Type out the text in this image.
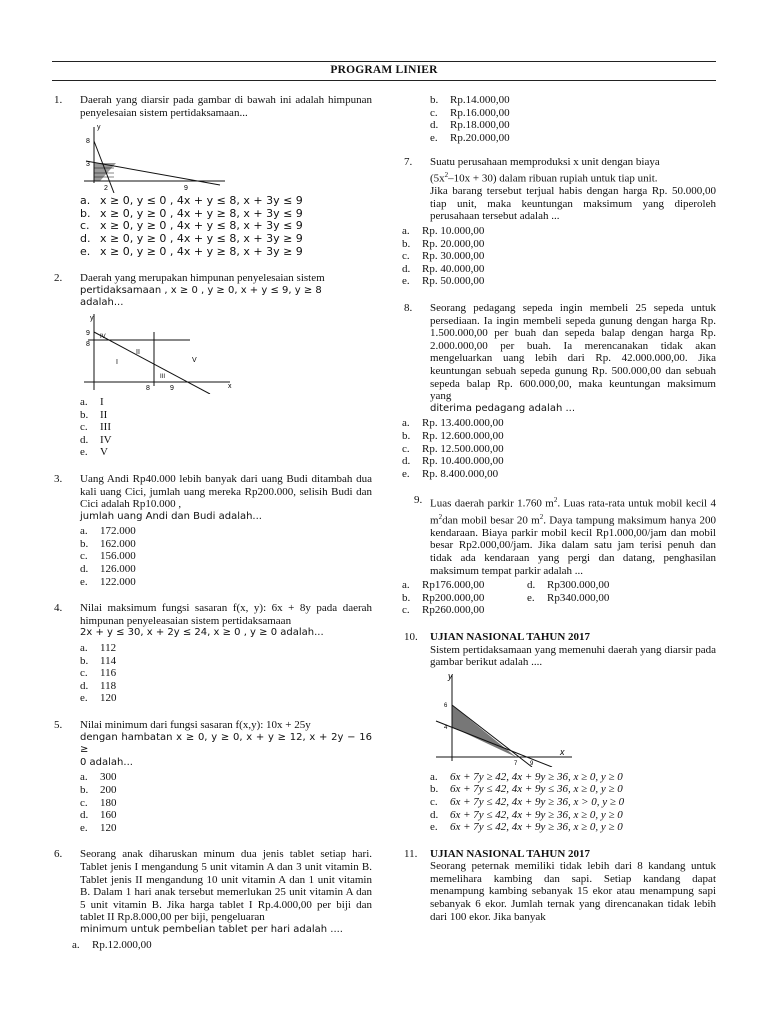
PROGRAM LINIER
1. Daerah yang diarsir pada gambar di bawah ini adalah himpunan penyelesaian sistem pertidaksamaan...

y
8
3
2	9
a. x ≥ 0, y ≤ 0 , 4x + y ≤ 8, x + 3y ≤ 9
b. x ≥ 0, y ≥ 0 , 4x + y ≥ 8, x + 3y ≤ 9
c. x ≥ 0, y ≥ 0 , 4x + y ≤ 8, x + 3y ≤ 9
d. x ≥ 0, y ≥ 0 , 4x + y ≤ 8, x + 3y ≥ 9
e. x ≥ 0, y ≥ 0 , 4x + y ≥ 8, x + 3y ≥ 9
2. Daerah yang merupakan himpunan penyelesaian sistem

pertidaksamaan , x ≥ 0 , y ≥ 0, x + y ≤ 9, y ≥ 8

adalah...

y
9
8
IV
I
II
III
V
8	9	x
a.	I
b.	II
c.	III
d.	IV
e.	V
3. Uang Andi Rp40.000 lebih banyak dari uang Budi ditambah dua kali uang Cici, jumlah uang mereka Rp200.000, selisih Budi dan Cici adalah Rp10.000 ,

jumlah uang Andi dan Budi adalah...

a.	172.000
b.	162.000
c.	156.000
d.	126.000
e.	122.000
4. Nilai maksimum fungsi sasaran f(x, y): 6x + 8y pada daerah himpunan penyeleasaian sistem pertidaksamaan

2x + y ≤ 30, x + 2y ≤ 24, x ≥ 0 , y ≥ 0 adalah...

a.	112
b.	114
c.	116
d.	118
e.	120
5. Nilai minimum dari fungsi sasaran f(x,y): 10x + 25y

dengan hambatan x ≥ 0, y ≥ 0, x + y ≥ 12, x + 2y − 16 ≥

0 adalah...

a.	300
b.	200
c.	180
d.	160
e.	120
6. Seorang anak diharuskan minum dua jenis tablet setiap hari. Tablet jenis I mengandung 5 unit vitamin A dan 3 unit vitamin B. Tablet jenis II mengandung 10 unit vitamin A dan 1 unit vitamin B. Dalam 1 hari anak tersebut memerlukan 25 unit vitamin A dan 5 unit vitamin B. Jika harga tablet I Rp.4.000,00 per biji dan tablet II Rp.8.000,00 per biji, pengeluaran

minimum untuk pembelian tablet per hari adalah ....

a.	Rp.12.000,00
b.	Rp.14.000,00
c.	Rp.16.000,00
d.	Rp.18.000,00
e.	Rp.20.000,00
7. Suatu perusahaan memproduksi x unit dengan biaya

$(5x^2-10x + 30)$ dalam ribuan rupiah untuk tiap unit.

Jika barang tersebut terjual habis dengan harga Rp. 50.000,00 tiap unit, maka keuntungan maksimum yang diperoleh perusahaan tersebut adalah ...

a.	Rp. 10.000,00
b.	Rp. 20.000,00
c.	Rp. 30.000,00
d.	Rp. 40.000,00
e.	Rp. 50.000,00
8. Seorang pedagang sepeda ingin membeli 25 sepeda untuk persediaan. Ia ingin membeli sepeda gunung dengan harga Rp. 1.500.000,00 per buah dan sepeda balap dengan harga Rp. 2.000.000,00 per buah. Ia merencanakan tidak akan mengeluarkan uang lebih dari Rp. 42.000.000,00. Jika keuntungan sebuah sepeda gunung Rp. 500.000,00 dan sebuah sepeda balap Rp. 600.000,00, maka keuntungan maksimum yang

diterima pedagang adalah ...

a.	Rp. 13.400.000,00
b.	Rp. 12.600.000,00
c.	Rp. 12.500.000,00
d.	Rp. 10.400.000,00
e.	Rp. 8.400.000,00
9. Luas daerah parkir 1.760 $m^2$. Luas rata-rata untuk mobil kecil 4 $m^2dan$ mobil besar 20 $m^2$. Daya tampung maksimum hanya 200 kendaraan. Biaya parkir mobil kecil Rp1.000,00/jam dan mobil besar Rp2.000,00/jam. Jika dalam satu jam terisi penuh dan tidak ada kendaraan yang pergi dan datang, penghasilan maksimum tempat parkir adalah ...

a.	Rp176.000,00	d.	Rp300.000,00
b.	Rp200.000,00	e.	Rp340.000,00
c.	Rp260.000,00
10. UJIAN NASIONAL TAHUN 2017

Sistem pertidaksamaan yang memenuhi daerah yang diarsir pada gambar berikut adalah ....

y
6
4
7 9
x
a.	6x + 7y ≥ 42, 4x + 9y ≥ 36, x ≥ 0, y ≥ 0
b.	6x + 7y ≤ 42, 4x + 9y ≤ 36, x ≥ 0, y ≥ 0
c.	6x + 7y ≤ 42, 4x + 9y ≥ 36, x > 0, y ≥ 0
d.	6x + 7y ≤ 42, 4x + 9y ≥ 36, x ≥ 0, y ≥ 0
e.	6x + 7y ≤ 42, 4x + 9y ≥ 36, x ≥ 0, y ≥ 0
11. UJIAN NASIONAL TAHUN 2017

Seorang peternak memiliki tidak lebih dari 8 kandang untuk memelihara kambing dan sapi. Setiap kandang dapat menampung kambing sebanyak 15 ekor atau menampung sapi sebanyak 6 ekor. Jumlah ternak yang direncanakan tidak lebih dari 100 ekor. Jika banyak
